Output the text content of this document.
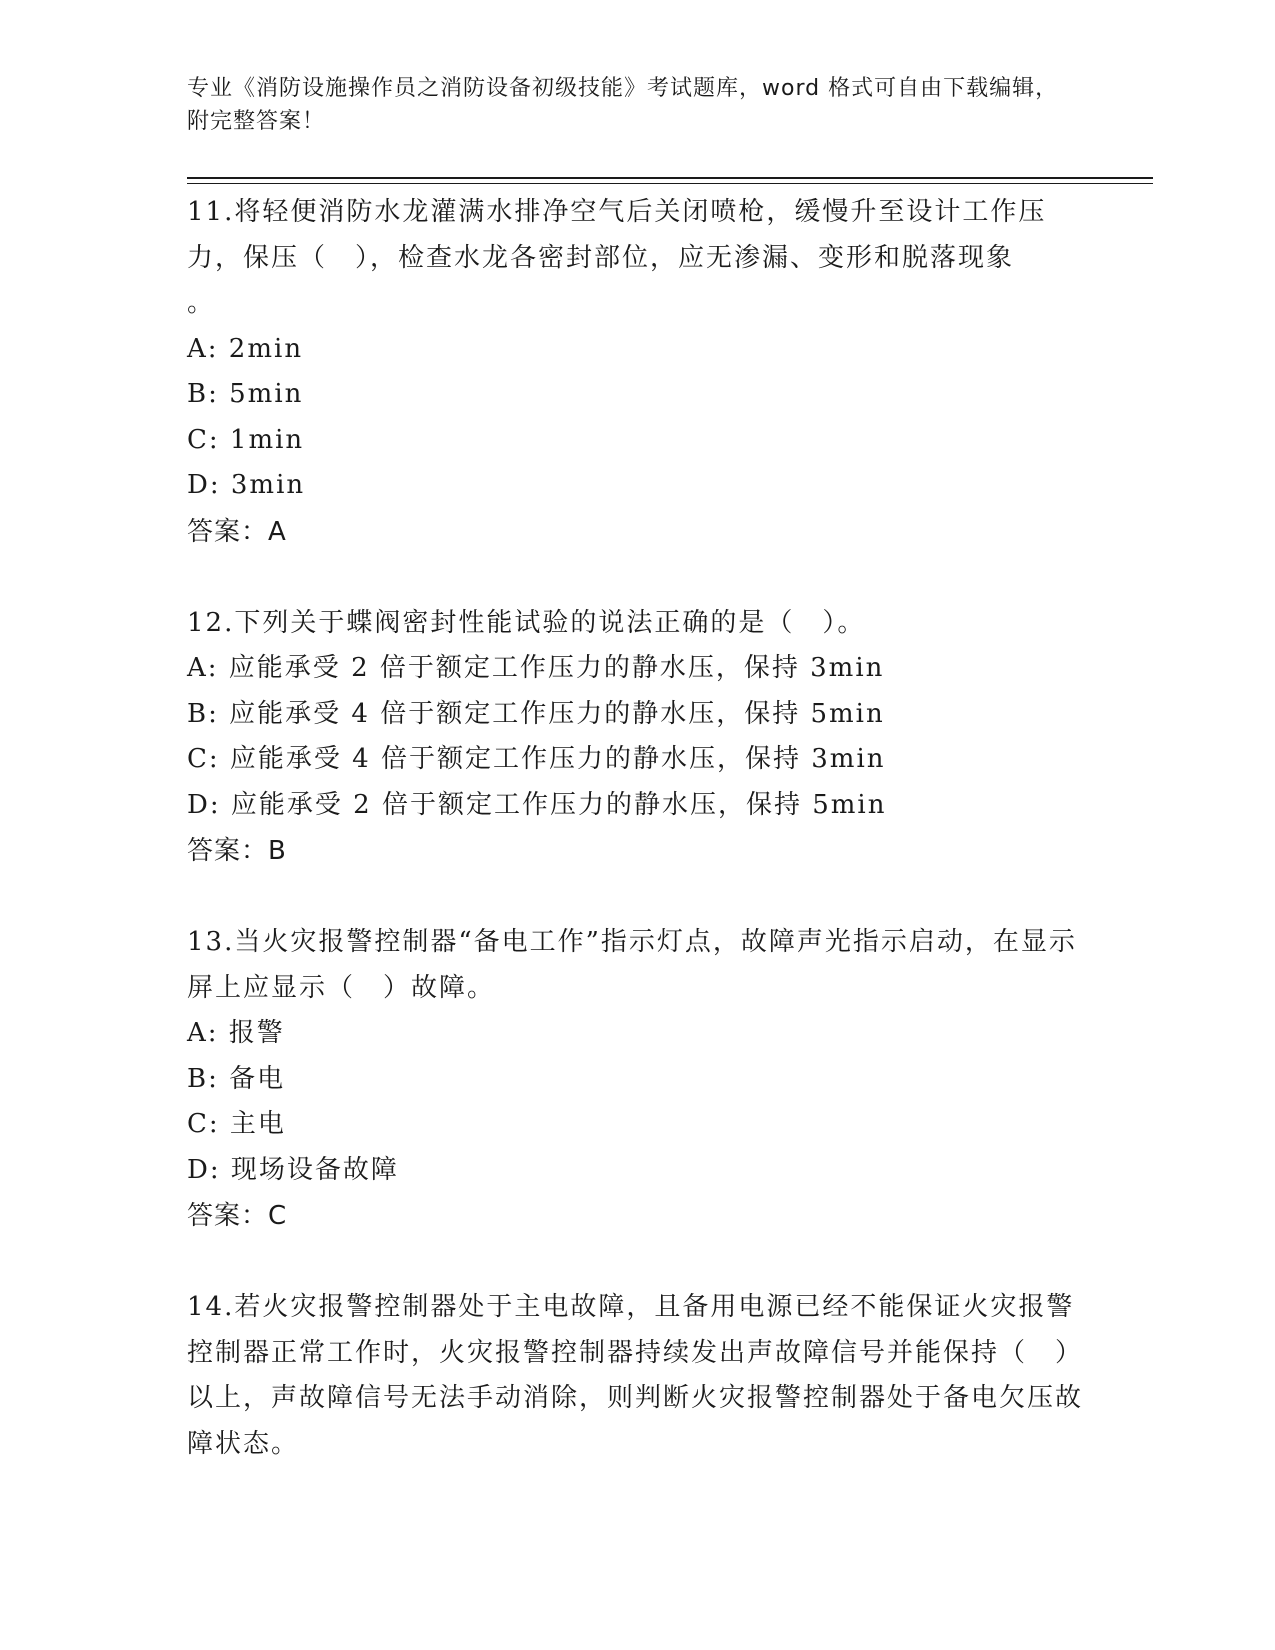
专业《消防设施操作员之消防设备初级技能》考试题库，word 格式可自由下载编辑，附完整答案！

11.将轻便消防水龙灌满水排净空气后关闭喷枪，缓慢升至设计工作压力，保压（　），检查水龙各密封部位，应无渗漏、变形和脱落现象
。

A: 2min
B: 5min
C: 1min
D: 3min
答案：A

12.下列关于蝶阀密封性能试验的说法正确的是（　）。

A: 应能承受 2 倍于额定工作压力的静水压，保持 3min
B: 应能承受 4 倍于额定工作压力的静水压，保持 5min
C: 应能承受 4 倍于额定工作压力的静水压，保持 3min
D: 应能承受 2 倍于额定工作压力的静水压，保持 5min
答案：B

13.当火灾报警控制器“备电工作”指示灯点，故障声光指示启动，在显示屏上应显示（　）故障。

A: 报警
B: 备电
C: 主电
D: 现场设备故障
答案：C

14.若火灾报警控制器处于主电故障，且备用电源已经不能保证火灾报警控制器正常工作时，火灾报警控制器持续发出声故障信号并能保持（　）以上，声故障信号无法手动消除，则判断火灾报警控制器处于备电欠压故障状态。
